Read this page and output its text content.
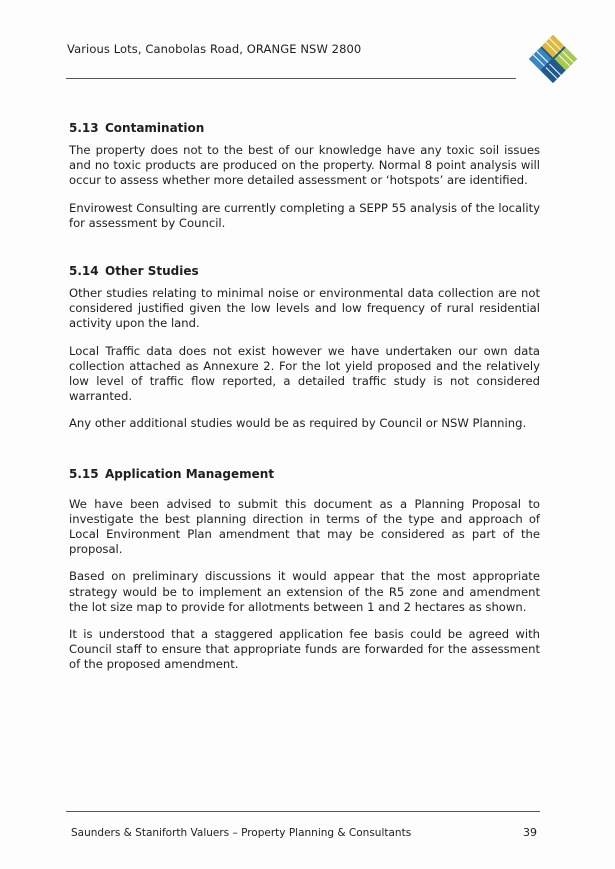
Various Lots, Canobolas Road, ORANGE NSW 2800
5.13 Contamination

The property does not to the best of our knowledge have any toxic soil issues and no toxic products are produced on the property. Normal 8 point analysis will occur to assess whether more detailed assessment or ‘hotspots’ are identified.

Envirowest Consulting are currently completing a SEPP 55 analysis of the locality for assessment by Council.

5.14 Other Studies

Other studies relating to minimal noise or environmental data collection are not considered justified given the low levels and low frequency of rural residential activity upon the land.

Local Traffic data does not exist however we have undertaken our own data collection attached as Annexure 2. For the lot yield proposed and the relatively low level of traffic flow reported, a detailed traffic study is not considered warranted.

Any other additional studies would be as required by Council or NSW Planning.

5.15 Application Management

We have been advised to submit this document as a Planning Proposal to investigate the best planning direction in terms of the type and approach of Local Environment Plan amendment that may be considered as part of the proposal.

Based on preliminary discussions it would appear that the most appropriate strategy would be to implement an extension of the R5 zone and amendment the lot size map to provide for allotments between 1 and 2 hectares as shown.

It is understood that a staggered application fee basis could be agreed with Council staff to ensure that appropriate funds are forwarded for the assessment of the proposed amendment.

Saunders & Staniforth Valuers – Property Planning & Consultants	39
